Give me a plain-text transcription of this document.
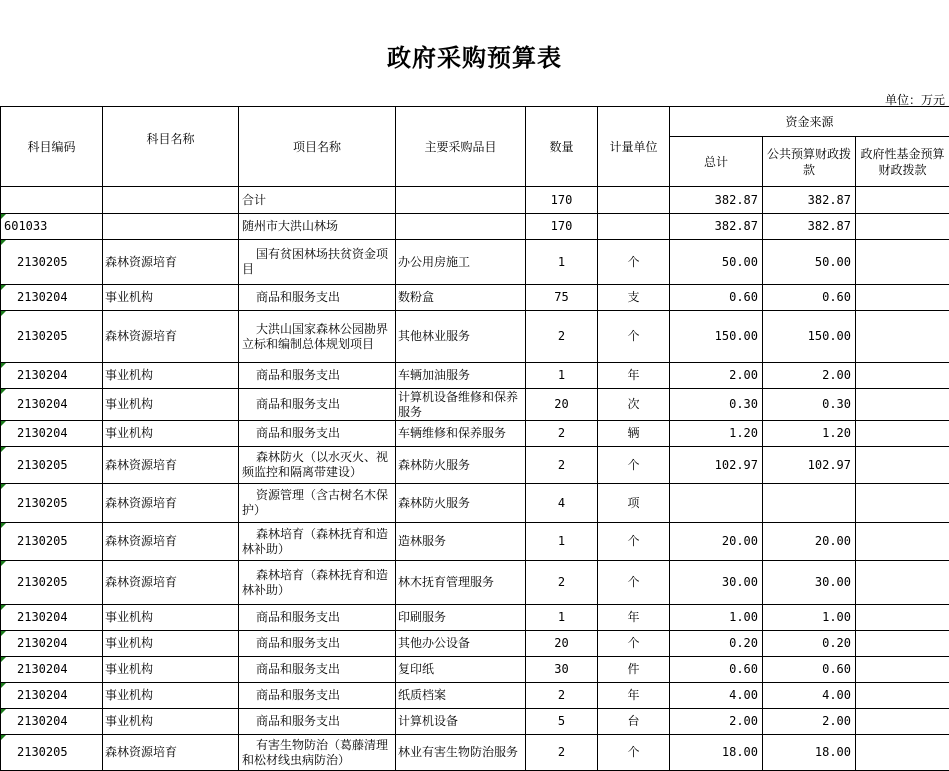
政府采购预算表
单位：万元
科目编码	科目名称	项目名称	主要采购品目	数量	计量单位	资金来源		
						总计	公共预算财政拨款	政府性基金预算财政拨款
		合计		170		382.87	382.87	
601033		随州市大洪山林场		170		382.87	382.87	
2130205	森林资源培育	国有贫困林场扶贫资金项目	办公用房施工	1	个	50.00	50.00	
2130204	事业机构	商品和服务支出	数粉盒	75	支	0.60	0.60	
2130205	森林资源培育	大洪山国家森林公园勘界立标和编制总体规划项目	其他林业服务	2	个	150.00	150.00	
2130204	事业机构	商品和服务支出	车辆加油服务	1	年	2.00	2.00	
2130204	事业机构	商品和服务支出	计算机设备维修和保养服务	20	次	0.30	0.30	
2130204	事业机构	商品和服务支出	车辆维修和保养服务	2	辆	1.20	1.20	
2130205	森林资源培育	森林防火（以水灭火、视频监控和隔离带建设）	森林防火服务	2	个	102.97	102.97	
2130205	森林资源培育	资源管理（含古树名木保护）	森林防火服务	4	项			
2130205	森林资源培育	森林培育（森林抚育和造林补助）	造林服务	1	个	20.00	20.00	
2130205	森林资源培育	森林培育（森林抚育和造林补助）	林木抚育管理服务	2	个	30.00	30.00	
2130204	事业机构	商品和服务支出	印刷服务	1	年	1.00	1.00	
2130204	事业机构	商品和服务支出	其他办公设备	20	个	0.20	0.20	
2130204	事业机构	商品和服务支出	复印纸	30	件	0.60	0.60	
2130204	事业机构	商品和服务支出	纸质档案	2	年	4.00	4.00	
2130204	事业机构	商品和服务支出	计算机设备	5	台	2.00	2.00	
2130205	森林资源培育	有害生物防治（葛藤清理和松材线虫病防治）	林业有害生物防治服务	2	个	18.00	18.00	
